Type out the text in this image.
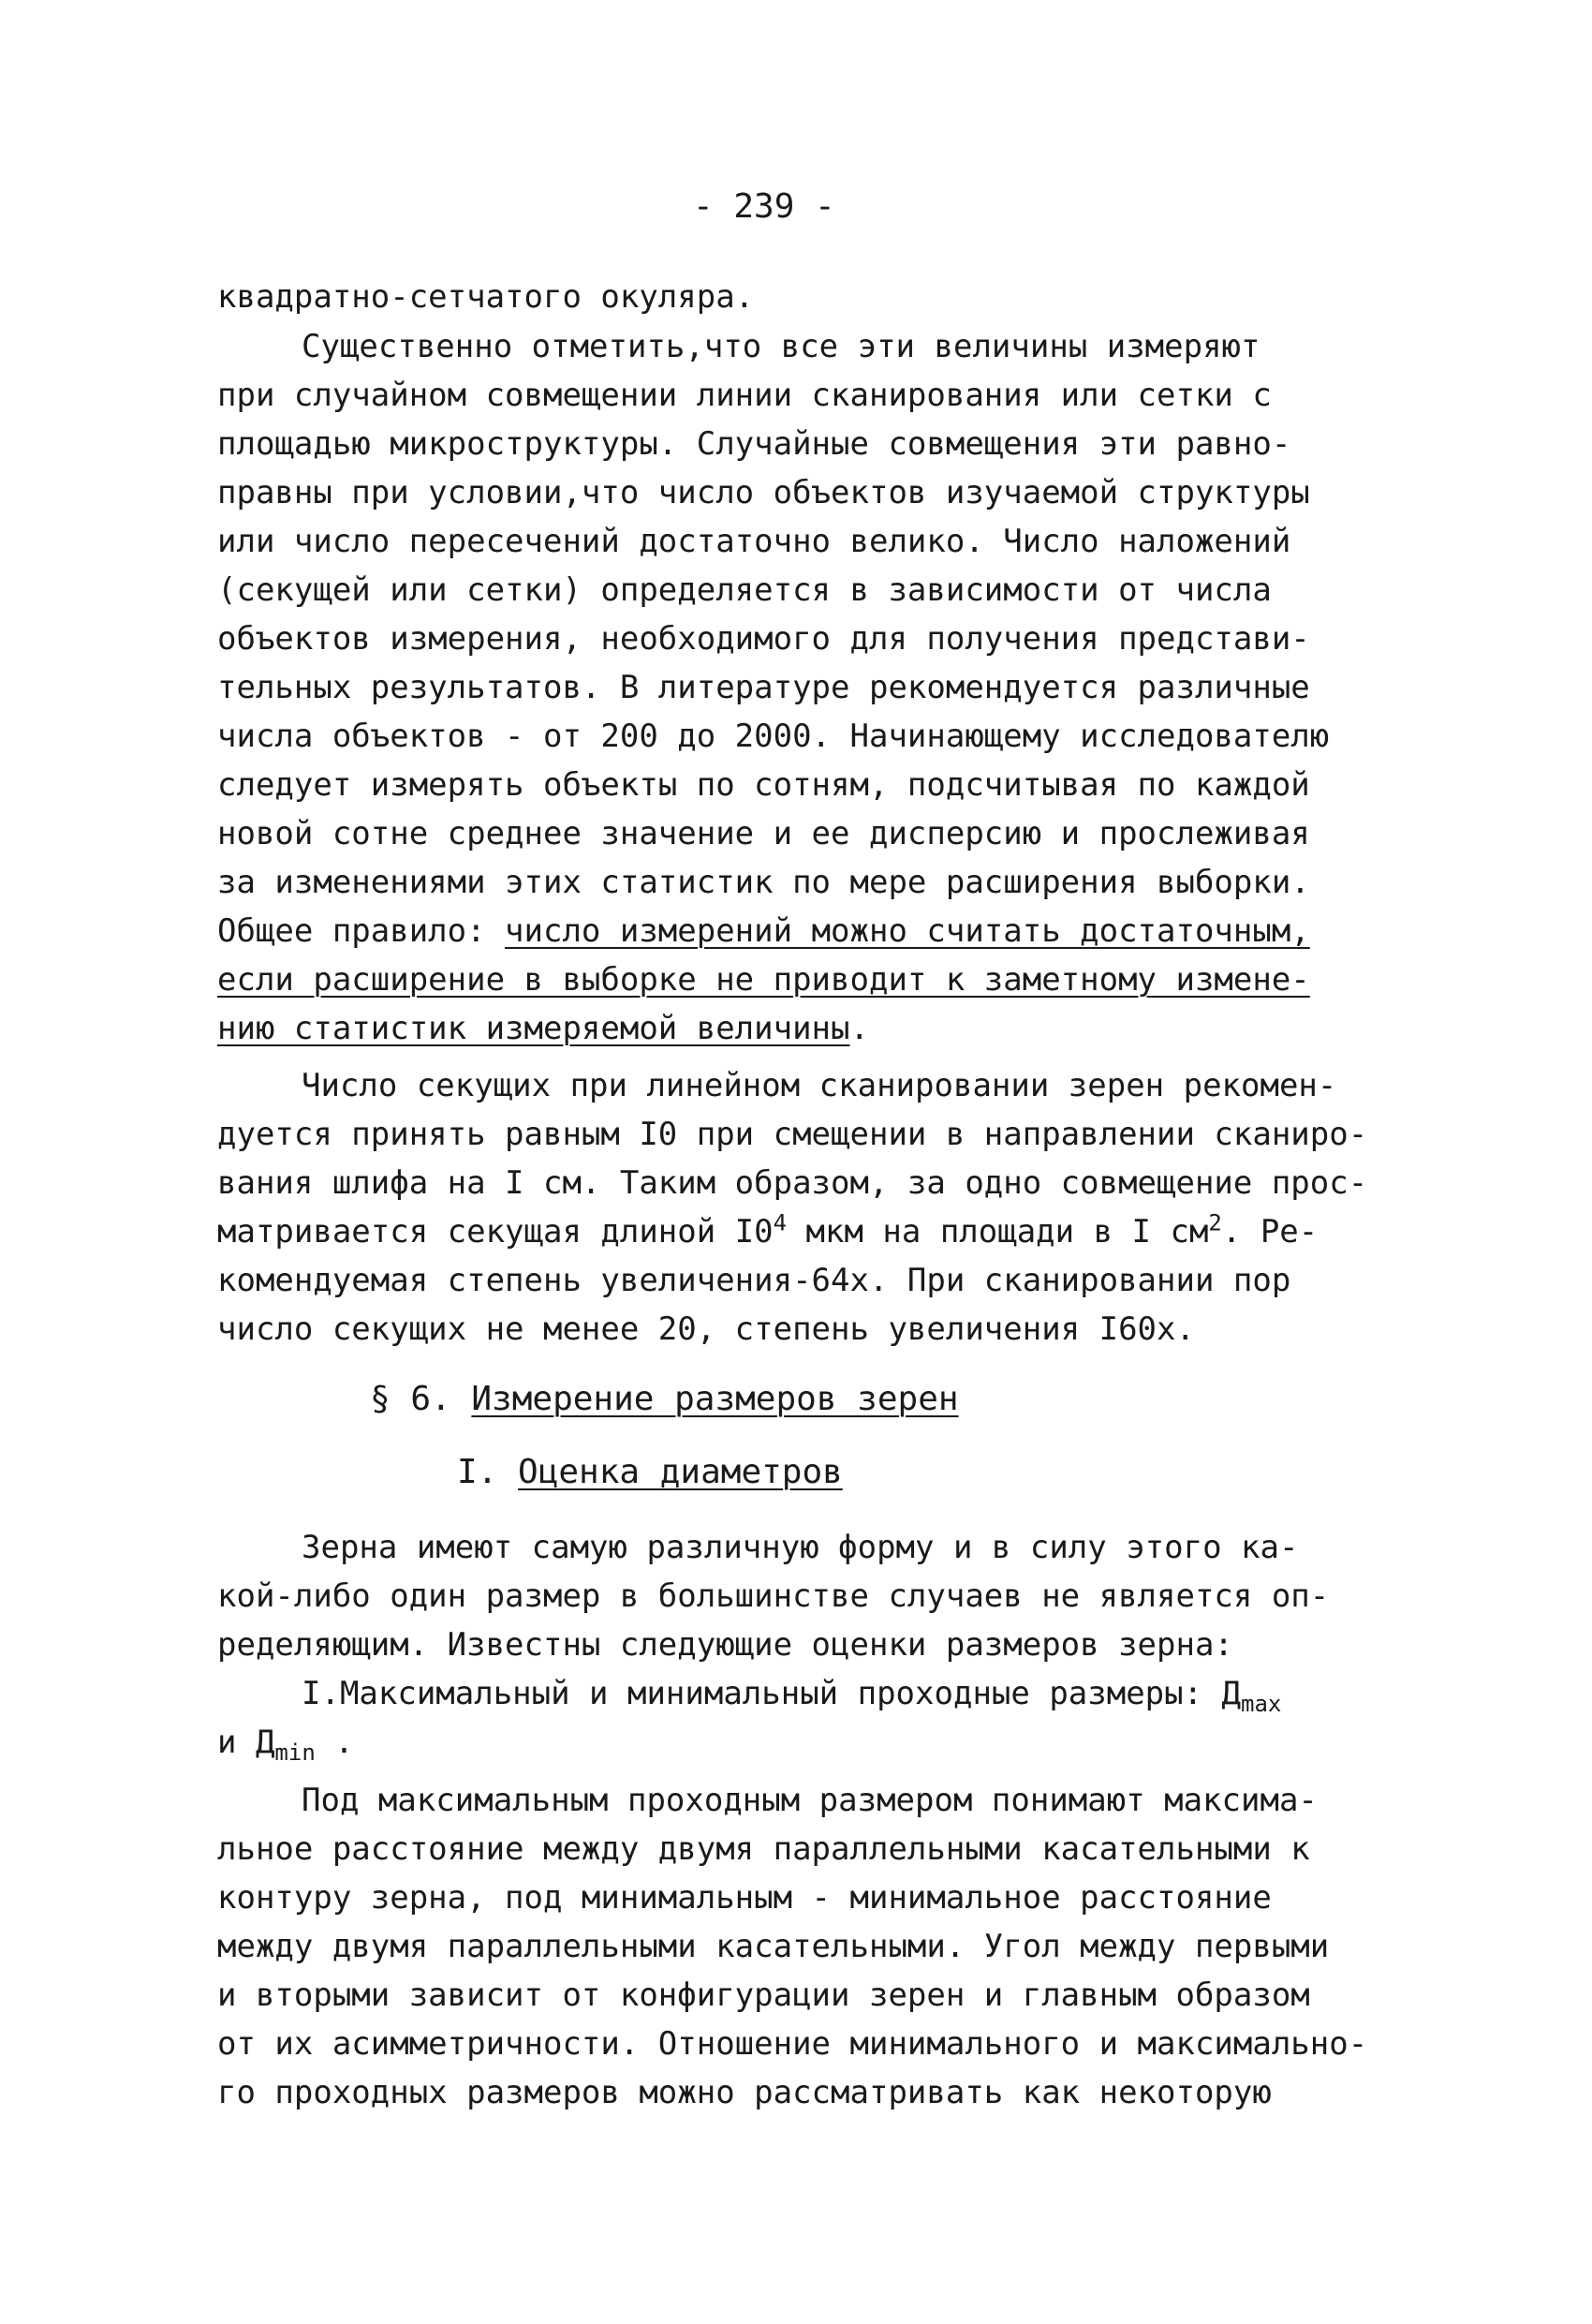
- 239 -
квадратно-сетчатого окуляра.
Существенно отметить,что все эти величины измеряют
при случайном совмещении линии сканирования или сетки с
площадью микроструктуры. Случайные совмещения эти равно-
правны при условии,что число объектов изучаемой структуры
или число пересечений достаточно велико. Число наложений
(секущей или сетки) определяется в зависимости от числа
объектов измерения, необходимого для получения представи-
тельных результатов. В литературе рекомендуется различные
числа объектов - от 200 до 2000. Начинающему исследователю
следует измерять объекты по сотням, подсчитывая по каждой
новой сотне среднее значение и ее дисперсию и прослеживая
за изменениями этих статистик по мере расширения выборки.
Общее правило: число измерений можно считать достаточным,
если расширение в выборке не приводит к заметному измене-
нию статистик измеряемой величины.
Число секущих при линейном сканировании зерен рекомен-
дуется принять равным I0 при смещении в направлении сканиро-
вания шлифа на I см. Таким образом, за одно совмещение прос-
матривается секущая длиной $I0^4$ мкм на площади в I $см^2$. Ре-
комендуемая степень увеличения-64х. При сканировании пор
число секущих не менее 20, степень увеличения I60х.
§ 6. Измерение размеров зерен
I. Оценка диаметров
Зерна имеют самую различную форму и в силу этого ка-
кой-либо один размер в большинстве случаев не является оп-
ределяющим. Известны следующие оценки размеров зерна:
I.Максимальный и минимальный проходные размеры: $Д_{max}$
и $Д_{min}$ .
Под максимальным проходным размером понимают максима-
льное расстояние между двумя параллельными касательными к
контуру зерна, под минимальным - минимальное расстояние
между двумя параллельными касательными. Угол между первыми
и вторыми зависит от конфигурации зерен и главным образом
от их асимметричности. Отношение минимального и максимально-
го проходных размеров можно рассматривать как некоторую
